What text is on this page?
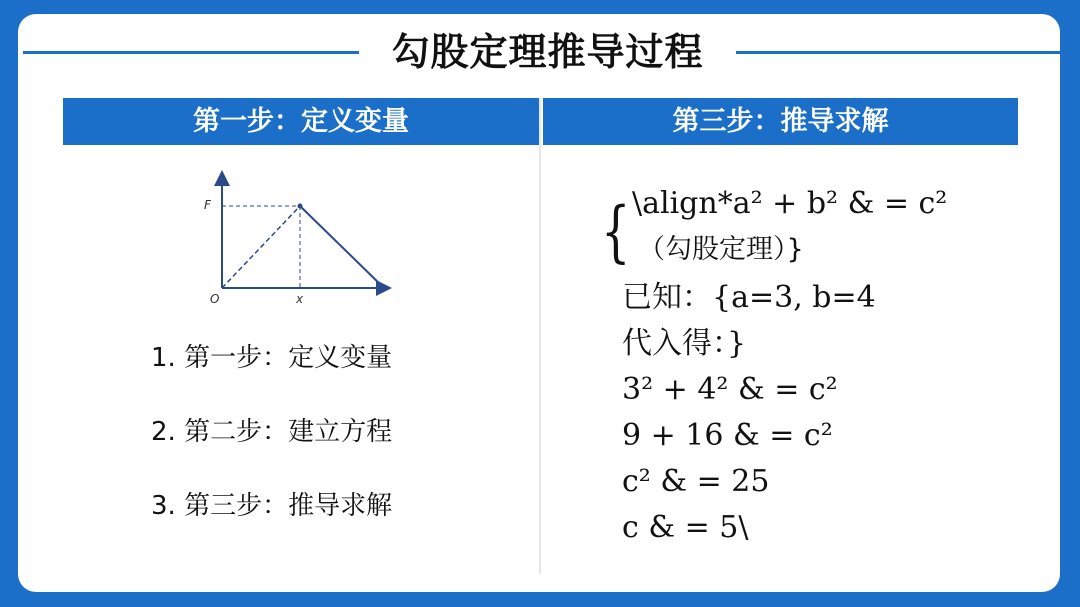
勾股定理推导过程
第一步：定义变量	第三步：推导求解
F
O	x
1. 第一步：定义变量
2. 第二步：建立方程
3. 第三步：推导求解
{ \align*a² + b² & = c²
（勾股定理）}
已知：{a=3, b=4
代入得：}
3² + 4² & = c²
9 + 16 & = c²
c² & = 25
c & = 5\
